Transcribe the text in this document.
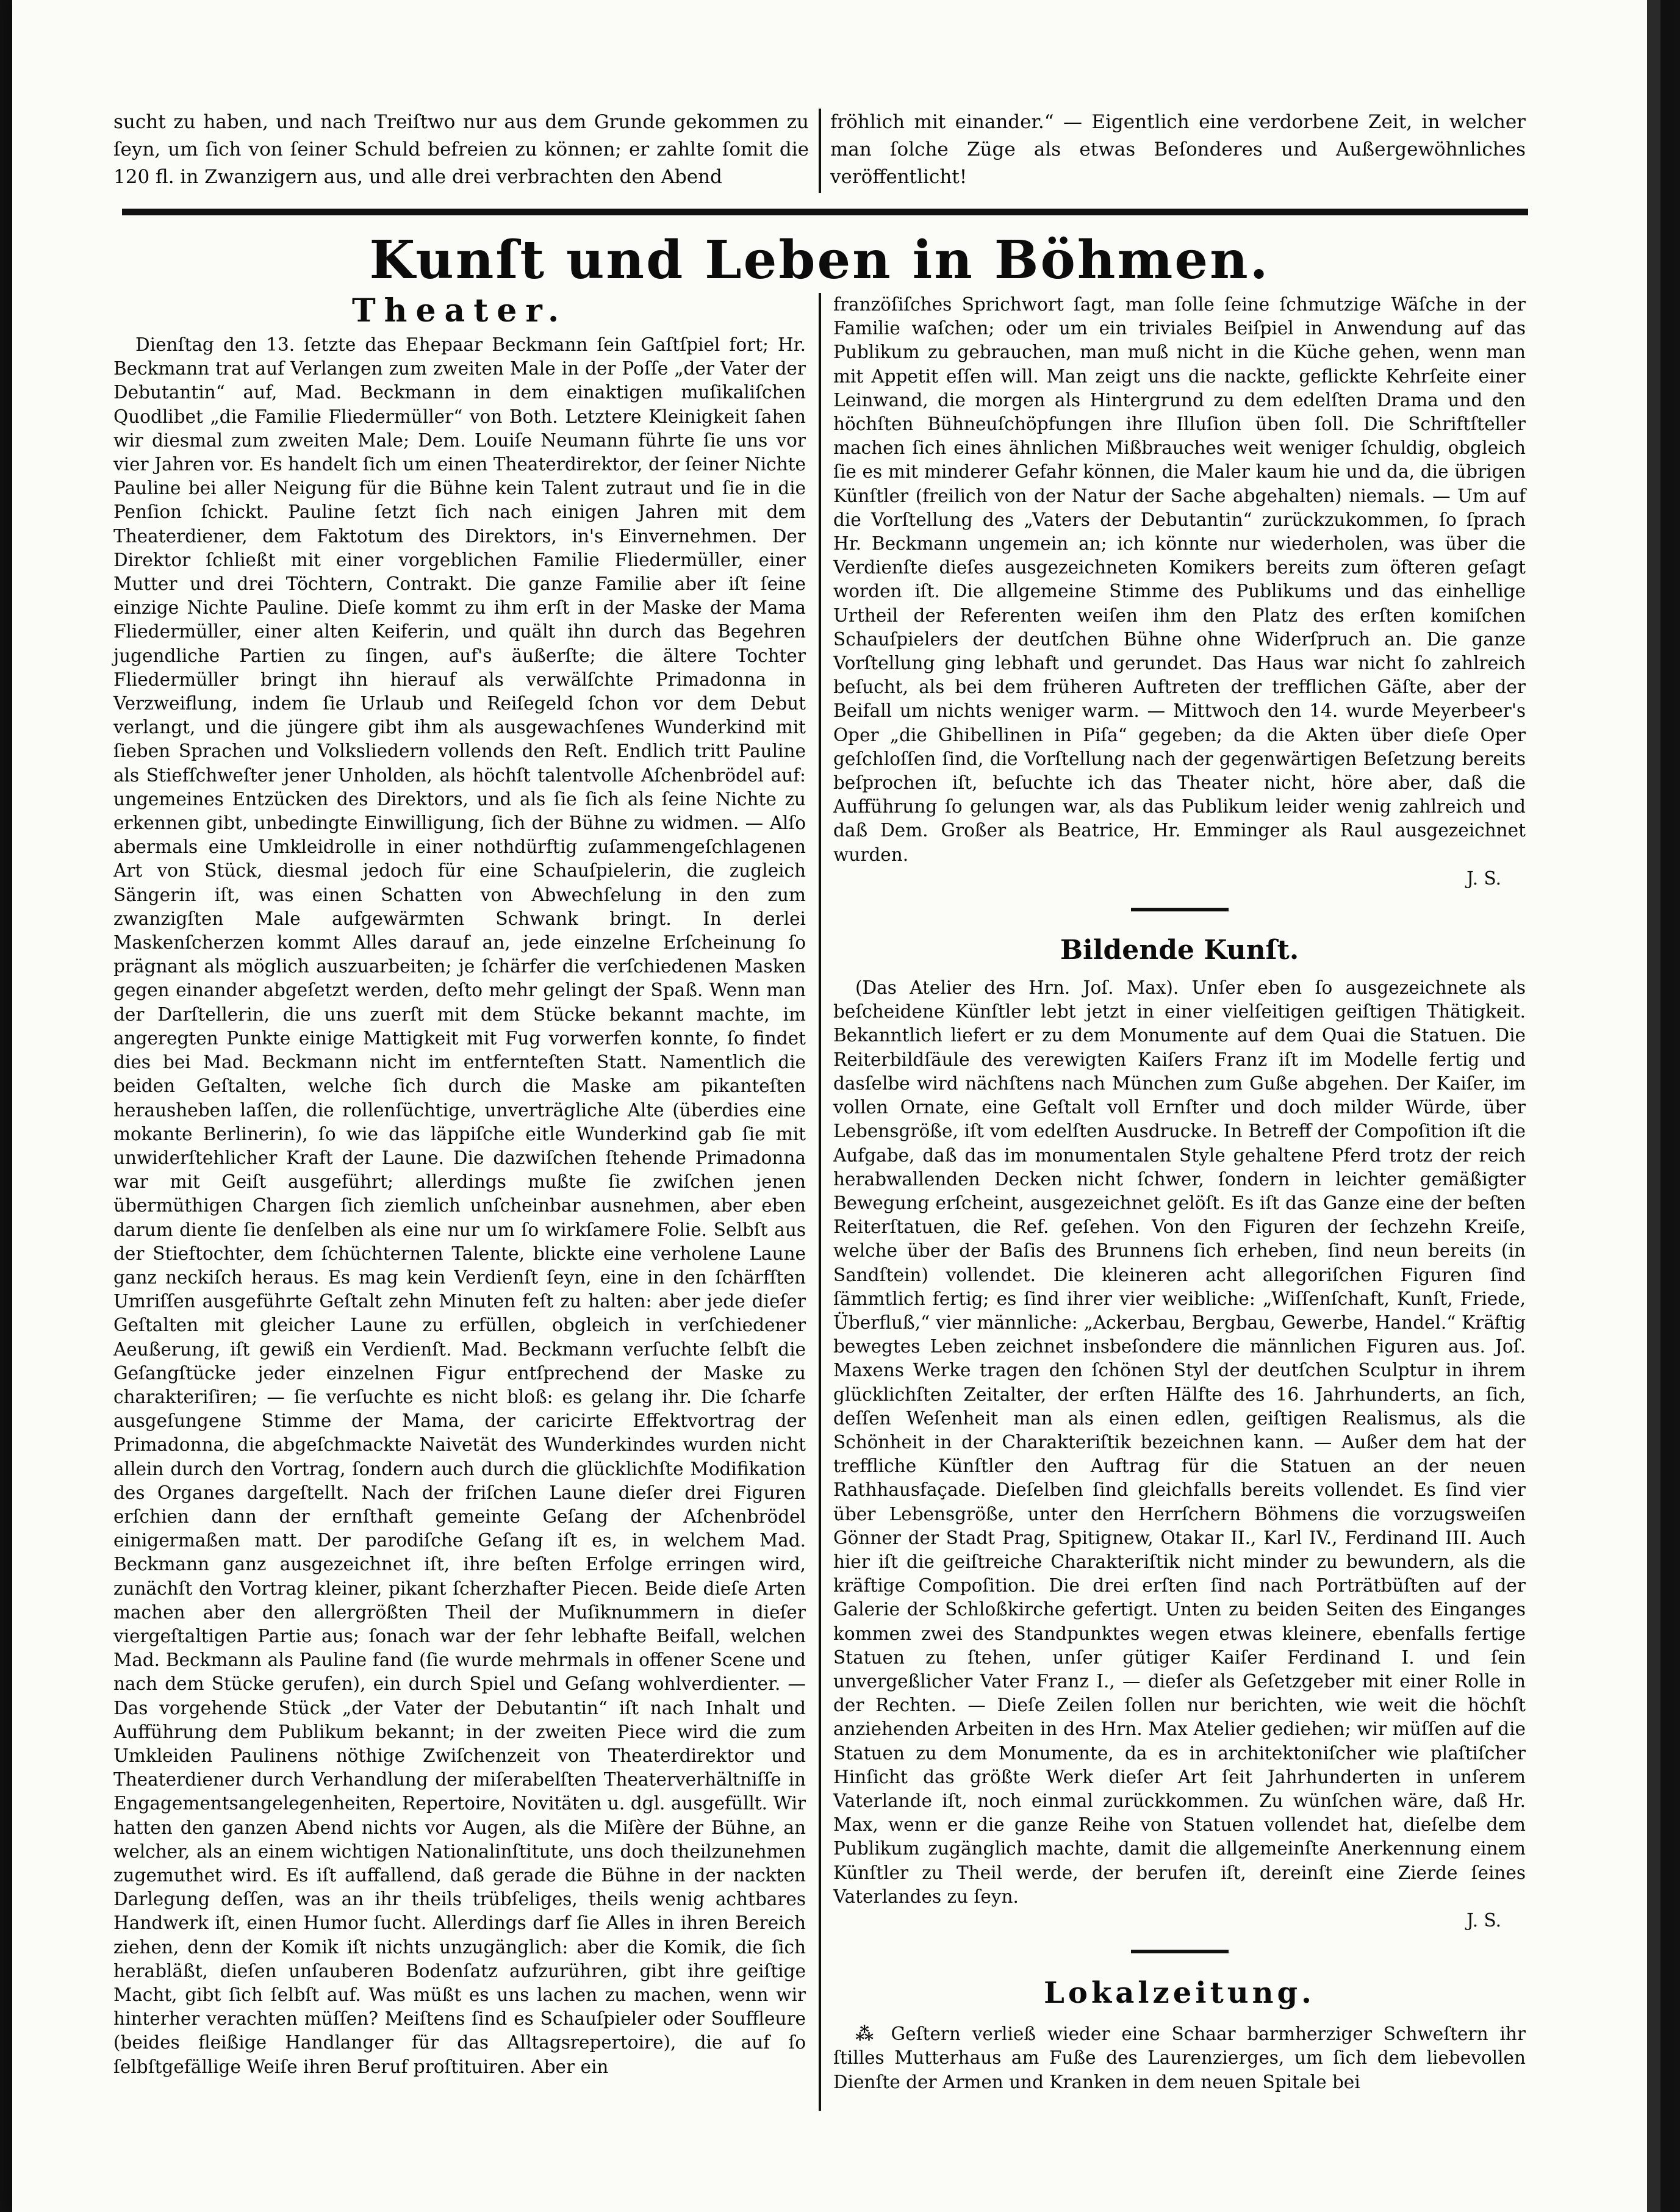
sucht zu haben, und nach Treiſtwo nur aus dem Grunde gekommen zu ſeyn, um ſich von ſeiner Schuld befreien zu können; er zahlte ſomit die 120 fl. in Zwanzigern aus, und alle drei verbrachten den Abend

fröhlich mit einander.“ — Eigentlich eine verdorbene Zeit, in welcher man ſolche Züge als etwas Beſonderes und Außergewöhnliches veröffentlicht!

Kunſt und Leben in Böhmen.
Theater.

Dienſtag den 13. ſetzte das Ehepaar Beckmann ſein Gaſtſpiel fort; Hr. Beckmann trat auf Verlangen zum zweiten Male in der Poſſe „der Vater der Debutantin“ auf, Mad. Beckmann in dem einaktigen muſikaliſchen Quodlibet „die Familie Fliedermüller“ von Both. Letztere Kleinigkeit ſahen wir diesmal zum zweiten Male; Dem. Louiſe Neumann führte ſie uns vor vier Jahren vor. Es handelt ſich um einen Theaterdirektor, der ſeiner Nichte Pauline bei aller Neigung für die Bühne kein Talent zutraut und ſie in die Penſion ſchickt. Pauline ſetzt ſich nach einigen Jahren mit dem Theaterdiener, dem Faktotum des Direktors, in's Einvernehmen. Der Direktor ſchließt mit einer vorgeblichen Familie Fliedermüller, einer Mutter und drei Töchtern, Contrakt. Die ganze Familie aber iſt ſeine einzige Nichte Pauline. Dieſe kommt zu ihm erſt in der Maske der Mama Fliedermüller, einer alten Keiferin, und quält ihn durch das Begehren jugendliche Partien zu ſingen, auf's äußerſte; die ältere Tochter Fliedermüller bringt ihn hierauf als verwälſchte Primadonna in Verzweiflung, indem ſie Urlaub und Reiſegeld ſchon vor dem Debut verlangt, und die jüngere gibt ihm als ausgewachſenes Wunderkind mit ſieben Sprachen und Volksliedern vollends den Reſt. Endlich tritt Pauline als Stiefſchweſter jener Unholden, als höchſt talentvolle Aſchenbrödel auf: ungemeines Entzücken des Direktors, und als ſie ſich als ſeine Nichte zu erkennen gibt, unbedingte Einwilligung, ſich der Bühne zu widmen. — Alſo abermals eine Umkleidrolle in einer nothdürftig zuſammengeſchlagenen Art von Stück, diesmal jedoch für eine Schauſpielerin, die zugleich Sängerin iſt, was einen Schatten von Abwechſelung in den zum zwanzigſten Male aufgewärmten Schwank bringt. In derlei Maskenſcherzen kommt Alles darauf an, jede einzelne Erſcheinung ſo prägnant als möglich auszuarbeiten; je ſchärfer die verſchiedenen Masken gegen einander abgeſetzt werden, deſto mehr gelingt der Spaß. Wenn man der Darſtellerin, die uns zuerſt mit dem Stücke bekannt machte, im angeregten Punkte einige Mattigkeit mit Fug vorwerfen konnte, ſo findet dies bei Mad. Beckmann nicht im entfernteſten Statt. Namentlich die beiden Geſtalten, welche ſich durch die Maske am pikanteſten herausheben laſſen, die rollenſüchtige, unverträgliche Alte (überdies eine mokante Berlinerin), ſo wie das läppiſche eitle Wunderkind gab ſie mit unwiderſtehlicher Kraft der Laune. Die dazwiſchen ſtehende Primadonna war mit Geiſt ausgeführt; allerdings mußte ſie zwiſchen jenen übermüthigen Chargen ſich ziemlich unſcheinbar ausnehmen, aber eben darum diente ſie denſelben als eine nur um ſo wirkſamere Folie. Selbſt aus der Stieftochter, dem ſchüchternen Talente, blickte eine verholene Laune ganz neckiſch heraus. Es mag kein Verdienſt ſeyn, eine in den ſchärfſten Umriſſen ausgeführte Geſtalt zehn Minuten feſt zu halten: aber jede dieſer Geſtalten mit gleicher Laune zu erfüllen, obgleich in verſchiedener Aeußerung, iſt gewiß ein Verdienſt. Mad. Beckmann verſuchte ſelbſt die Geſangſtücke jeder einzelnen Figur entſprechend der Maske zu charakteriſiren; — ſie verſuchte es nicht bloß: es gelang ihr. Die ſcharfe ausgeſungene Stimme der Mama, der caricirte Effektvortrag der Primadonna, die abgeſchmackte Naivetät des Wunderkindes wurden nicht allein durch den Vortrag, ſondern auch durch die glücklichſte Modifikation des Organes dargeſtellt. Nach der friſchen Laune dieſer drei Figuren erſchien dann der ernſthaft gemeinte Geſang der Aſchenbrödel einigermaßen matt. Der parodiſche Geſang iſt es, in welchem Mad. Beckmann ganz ausgezeichnet iſt, ihre beſten Erfolge erringen wird, zunächſt den Vortrag kleiner, pikant ſcherzhafter Piecen. Beide dieſe Arten machen aber den allergrößten Theil der Muſiknummern in dieſer viergeſtaltigen Partie aus; ſonach war der ſehr lebhafte Beifall, welchen Mad. Beckmann als Pauline fand (ſie wurde mehrmals in offener Scene und nach dem Stücke gerufen), ein durch Spiel und Geſang wohlverdienter. — Das vorgehende Stück „der Vater der Debutantin“ iſt nach Inhalt und Aufführung dem Publikum bekannt; in der zweiten Piece wird die zum Umkleiden Paulinens nöthige Zwiſchenzeit von Theaterdirektor und Theaterdiener durch Verhandlung der miſerabelſten Theaterverhältniſſe in Engagementsangelegenheiten, Repertoire, Novitäten u. dgl. ausgefüllt. Wir hatten den ganzen Abend nichts vor Augen, als die Miſère der Bühne, an welcher, als an einem wichtigen Nationalinſtitute, uns doch theilzunehmen zugemuthet wird. Es iſt auffallend, daß gerade die Bühne in der nackten Darlegung deſſen, was an ihr theils trübſeliges, theils wenig achtbares Handwerk iſt, einen Humor ſucht. Allerdings darf ſie Alles in ihren Bereich ziehen, denn der Komik iſt nichts unzugänglich: aber die Komik, die ſich herabläßt, dieſen unſauberen Bodenſatz aufzurühren, gibt ihre geiſtige Macht, gibt ſich ſelbſt auf. Was müßt es uns lachen zu machen, wenn wir hinterher verachten müſſen? Meiſtens ſind es Schauſpieler oder Souffleure (beides fleißige Handlanger für das Alltagsrepertoire), die auf ſo ſelbſtgefällige Weiſe ihren Beruf proſtituiren. Aber ein

franzöſiſches Sprichwort ſagt, man ſolle ſeine ſchmutzige Wäſche in der Familie waſchen; oder um ein triviales Beiſpiel in Anwendung auf das Publikum zu gebrauchen, man muß nicht in die Küche gehen, wenn man mit Appetit eſſen will. Man zeigt uns die nackte, geflickte Kehrſeite einer Leinwand, die morgen als Hintergrund zu dem edelſten Drama und den höchſten Bühneuſchöpfungen ihre Illuſion üben ſoll. Die Schriftſteller machen ſich eines ähnlichen Mißbrauches weit weniger ſchuldig, obgleich ſie es mit minderer Gefahr können, die Maler kaum hie und da, die übrigen Künſtler (freilich von der Natur der Sache abgehalten) niemals. — Um auf die Vorſtellung des „Vaters der Debutantin“ zurückzukommen, ſo ſprach Hr. Beckmann ungemein an; ich könnte nur wiederholen, was über die Verdienſte dieſes ausgezeichneten Komikers bereits zum öfteren geſagt worden iſt. Die allgemeine Stimme des Publikums und das einhellige Urtheil der Referenten weiſen ihm den Platz des erſten komiſchen Schauſpielers der deutſchen Bühne ohne Widerſpruch an. Die ganze Vorſtellung ging lebhaft und gerundet. Das Haus war nicht ſo zahlreich beſucht, als bei dem früheren Auftreten der trefflichen Gäſte, aber der Beifall um nichts weniger warm. — Mittwoch den 14. wurde Meyerbeer's Oper „die Ghibellinen in Piſa“ gegeben; da die Akten über dieſe Oper geſchloſſen ſind, die Vorſtellung nach der gegenwärtigen Beſetzung bereits beſprochen iſt, beſuchte ich das Theater nicht, höre aber, daß die Aufführung ſo gelungen war, als das Publikum leider wenig zahlreich und daß Dem. Großer als Beatrice, Hr. Emminger als Raul ausgezeichnet wurden.

J. S.

Bildende Kunſt.

(Das Atelier des Hrn. Joſ. Max). Unſer eben ſo ausgezeichnete als beſcheidene Künſtler lebt jetzt in einer vielſeitigen geiſtigen Thätigkeit. Bekanntlich liefert er zu dem Monumente auf dem Quai die Statuen. Die Reiterbildſäule des verewigten Kaiſers Franz iſt im Modelle fertig und dasſelbe wird nächſtens nach München zum Guße abgehen. Der Kaiſer, im vollen Ornate, eine Geſtalt voll Ernſter und doch milder Würde, über Lebensgröße, iſt vom edelſten Ausdrucke. In Betreff der Compoſition iſt die Aufgabe, daß das im monumentalen Style gehaltene Pferd trotz der reich herabwallenden Decken nicht ſchwer, ſondern in leichter gemäßigter Bewegung erſcheint, ausgezeichnet gelöſt. Es iſt das Ganze eine der beſten Reiterſtatuen, die Ref. geſehen. Von den Figuren der ſechzehn Kreiſe, welche über der Baſis des Brunnens ſich erheben, ſind neun bereits (in Sandſtein) vollendet. Die kleineren acht allegoriſchen Figuren ſind ſämmtlich fertig; es ſind ihrer vier weibliche: „Wiſſenſchaft, Kunſt, Friede, Überfluß,“ vier männliche: „Ackerbau, Bergbau, Gewerbe, Handel.“ Kräftig bewegtes Leben zeichnet insbeſondere die männlichen Figuren aus. Joſ. Maxens Werke tragen den ſchönen Styl der deutſchen Sculptur in ihrem glücklichſten Zeitalter, der erſten Hälfte des 16. Jahrhunderts, an ſich, deſſen Weſenheit man als einen edlen, geiſtigen Realismus, als die Schönheit in der Charakteriſtik bezeichnen kann. — Außer dem hat der treffliche Künſtler den Auftrag für die Statuen an der neuen Rathhausfaçade. Dieſelben ſind gleichfalls bereits vollendet. Es ſind vier über Lebensgröße, unter den Herrſchern Böhmens die vorzugsweiſen Gönner der Stadt Prag, Spitignew, Otakar II., Karl IV., Ferdinand III. Auch hier iſt die geiſtreiche Charakteriſtik nicht minder zu bewundern, als die kräftige Compoſition. Die drei erſten ſind nach Porträtbüſten auf der Galerie der Schloßkirche gefertigt. Unten zu beiden Seiten des Einganges kommen zwei des Standpunktes wegen etwas kleinere, ebenfalls fertige Statuen zu ſtehen, unſer gütiger Kaiſer Ferdinand I. und ſein unvergeßlicher Vater Franz I., — dieſer als Geſetzgeber mit einer Rolle in der Rechten. — Dieſe Zeilen ſollen nur berichten, wie weit die höchſt anziehenden Arbeiten in des Hrn. Max Atelier gediehen; wir müſſen auf die Statuen zu dem Monumente, da es in architektoniſcher wie plaſtiſcher Hinſicht das größte Werk dieſer Art ſeit Jahrhunderten in unſerem Vaterlande iſt, noch einmal zurückkommen. Zu wünſchen wäre, daß Hr. Max, wenn er die ganze Reihe von Statuen vollendet hat, dieſelbe dem Publikum zugänglich machte, damit die allgemeinſte Anerkennung einem Künſtler zu Theil werde, der berufen iſt, dereinſt eine Zierde ſeines Vaterlandes zu ſeyn.

J. S.

Lokalzeitung.

⁂ Geſtern verließ wieder eine Schaar barmherziger Schweſtern ihr ſtilles Mutterhaus am Fuße des Laurenzierges, um ſich dem liebevollen Dienſte der Armen und Kranken in dem neuen Spitale bei
